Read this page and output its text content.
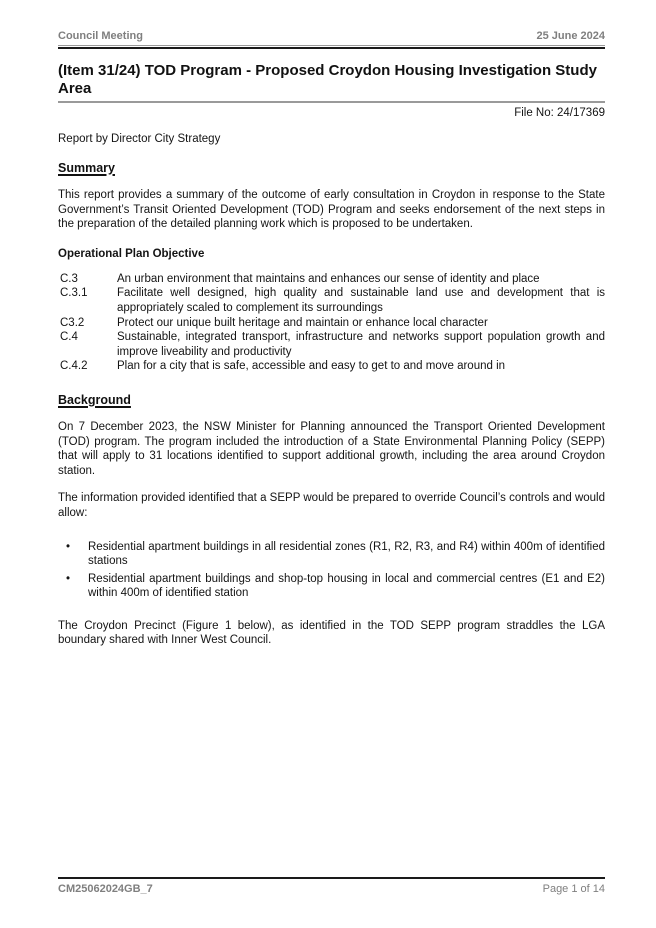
Council Meeting	25 June 2024
(Item 31/24) TOD Program - Proposed Croydon Housing Investigation Study Area
File No: 24/17369
Report by Director City Strategy
Summary

This report provides a summary of the outcome of early consultation in Croydon in response to the State Government’s Transit Oriented Development (TOD) Program and seeks endorsement of the next steps in the preparation of the detailed planning work which is proposed to be undertaken.

Operational Plan Objective
C.3	An urban environment that maintains and enhances our sense of identity and place
C.3.1	Facilitate well designed, high quality and sustainable land use and development that is appropriately scaled to complement its surroundings
C3.2	Protect our unique built heritage and maintain or enhance local character
C.4	Sustainable, integrated transport, infrastructure and networks support population growth and improve liveability and productivity
C.4.2	Plan for a city that is safe, accessible and easy to get to and move around in
Background

On 7 December 2023, the NSW Minister for Planning announced the Transport Oriented Development (TOD) program. The program included the introduction of a State Environmental Planning Policy (SEPP) that will apply to 31 locations identified to support additional growth, including the area around Croydon station.

The information provided identified that a SEPP would be prepared to override Council’s controls and would allow:

• Residential apartment buildings in all residential zones (R1, R2, R3, and R4) within 400m of identified stations
• Residential apartment buildings and shop-top housing in local and commercial centres (E1 and E2) within 400m of identified station

The Croydon Precinct (Figure 1 below), as identified in the TOD SEPP program straddles the LGA boundary shared with Inner West Council.

CM25062024GB_7	Page 1 of 14
